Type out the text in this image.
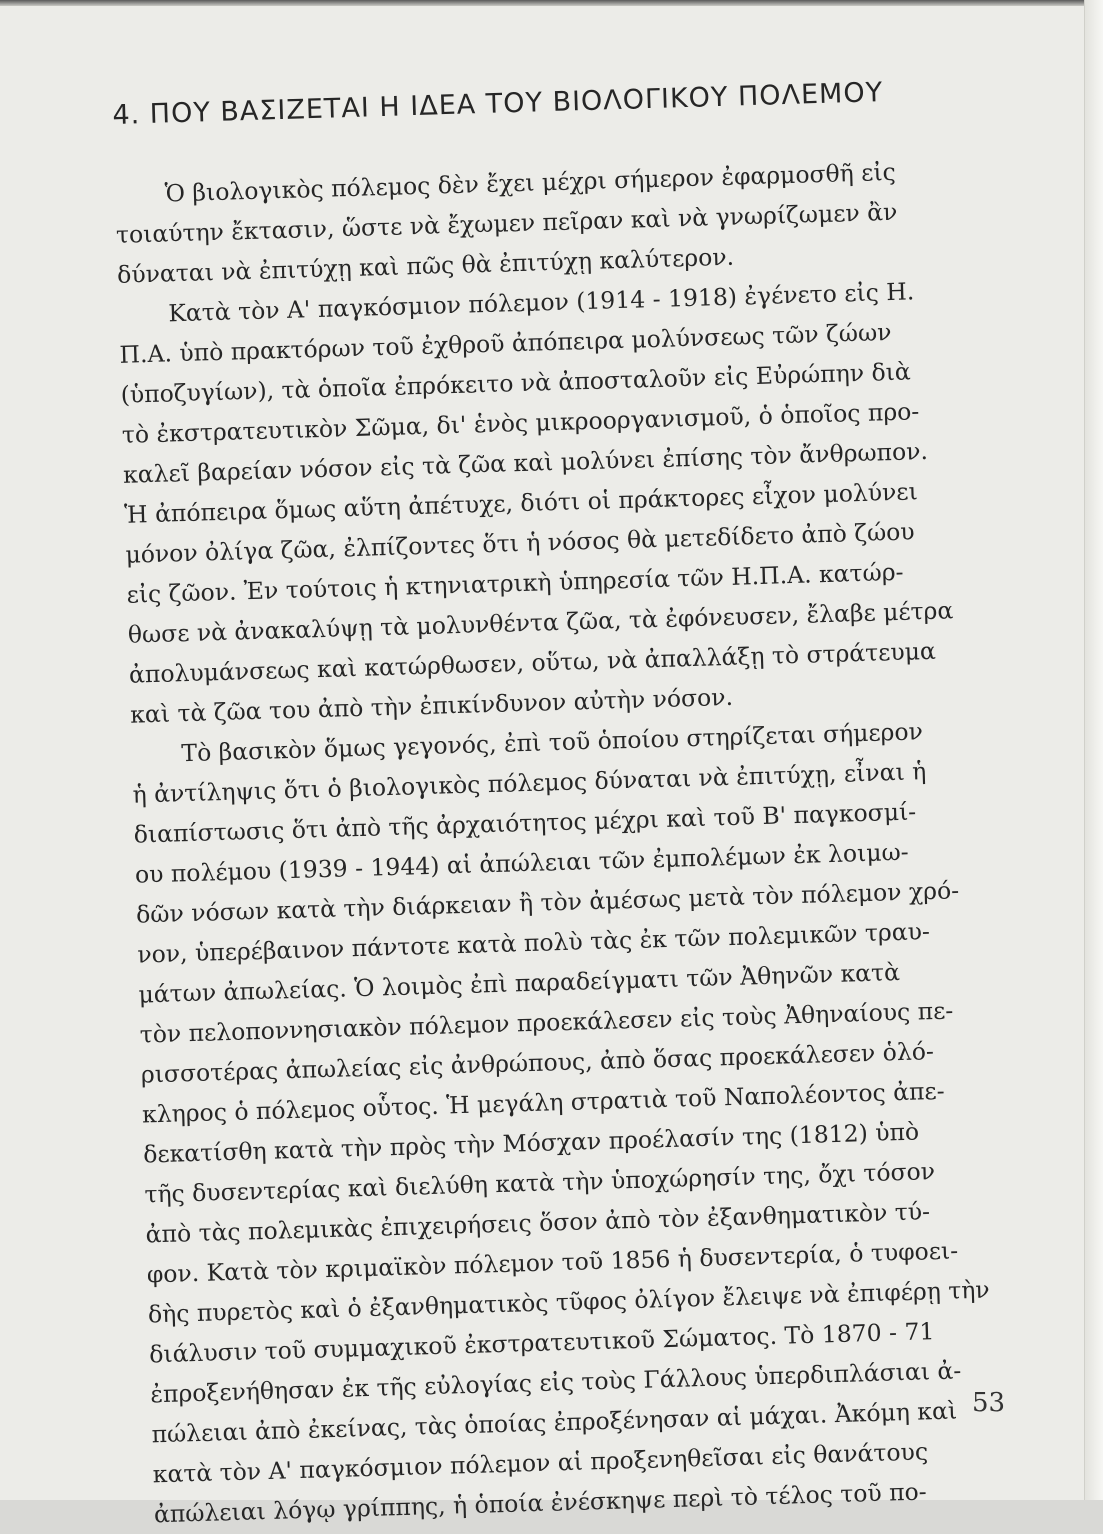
4. ΠΟΥ ΒΑΣΙΖΕΤΑΙ Η ΙΔΕΑ ΤΟΥ ΒΙΟΛΟΓΙΚΟΥ ΠΟΛΕΜΟΥ
Ὁ βιολογικὸς πόλεμος δὲν ἔχει μέχρι σήμερον ἐφαρμοσθῆ εἰς
τοιαύτην ἔκτασιν, ὥστε νὰ ἔχωμεν πεῖραν καὶ νὰ γνωρίζωμεν ἂν
δύναται νὰ ἐπιτύχῃ καὶ πῶς θὰ ἐπιτύχῃ καλύτερον.
Κατὰ τὸν Α' παγκόσμιον πόλεμον (1914 - 1918) ἐγένετο εἰς Η.
Π.Α. ὑπὸ πρακτόρων τοῦ ἐχθροῦ ἀπόπειρα μολύνσεως τῶν ζώων
(ὑποζυγίων), τὰ ὁποῖα ἐπρόκειτο νὰ ἀποσταλοῦν εἰς Εὐρώπην διὰ
τὸ ἐκστρατευτικὸν Σῶμα, δι' ἑνὸς μικροοργανισμοῦ, ὁ ὁποῖος προ-
καλεῖ βαρείαν νόσον εἰς τὰ ζῶα καὶ μολύνει ἐπίσης τὸν ἄνθρωπον.
Ἡ ἀπόπειρα ὅμως αὕτη ἀπέτυχε, διότι οἱ πράκτορες εἶχον μολύνει
μόνον ὀλίγα ζῶα, ἐλπίζοντες ὅτι ἡ νόσος θὰ μετεδίδετο ἀπὸ ζώου
εἰς ζῶον. Ἐν τούτοις ἡ κτηνιατρικὴ ὑπηρεσία τῶν Η.Π.Α. κατώρ-
θωσε νὰ ἀνακαλύψῃ τὰ μολυνθέντα ζῶα, τὰ ἐφόνευσεν, ἔλαβε μέτρα
ἀπολυμάνσεως καὶ κατώρθωσεν, οὕτω, νὰ ἀπαλλάξῃ τὸ στράτευμα
καὶ τὰ ζῶα του ἀπὸ τὴν ἐπικίνδυνον αὐτὴν νόσον.
Τὸ βασικὸν ὅμως γεγονός, ἐπὶ τοῦ ὁποίου στηρίζεται σήμερον
ἡ ἀντίληψις ὅτι ὁ βιολογικὸς πόλεμος δύναται νὰ ἐπιτύχῃ, εἶναι ἡ
διαπίστωσις ὅτι ἀπὸ τῆς ἀρχαιότητος μέχρι καὶ τοῦ Β' παγκοσμί-
ου πολέμου (1939 - 1944) αἱ ἀπώλειαι τῶν ἐμπολέμων ἐκ λοιμω-
δῶν νόσων κατὰ τὴν διάρκειαν ἢ τὸν ἀμέσως μετὰ τὸν πόλεμον χρό-
νον, ὑπερέβαινον πάντοτε κατὰ πολὺ τὰς ἐκ τῶν πολεμικῶν τραυ-
μάτων ἀπωλείας. Ὁ λοιμὸς ἐπὶ παραδείγματι τῶν Ἀθηνῶν κατὰ
τὸν πελοποννησιακὸν πόλεμον προεκάλεσεν εἰς τοὺς Ἀθηναίους πε-
ρισσοτέρας ἀπωλείας εἰς ἀνθρώπους, ἀπὸ ὅσας προεκάλεσεν ὁλό-
κληρος ὁ πόλεμος οὗτος. Ἡ μεγάλη στρατιὰ τοῦ Ναπολέοντος ἀπε-
δεκατίσθη κατὰ τὴν πρὸς τὴν Μόσχαν προέλασίν της (1812) ὑπὸ
τῆς δυσεντερίας καὶ διελύθη κατὰ τὴν ὑποχώρησίν της, ὄχι τόσον
ἀπὸ τὰς πολεμικὰς ἐπιχειρήσεις ὅσον ἀπὸ τὸν ἐξανθηματικὸν τύ-
φον. Κατὰ τὸν κριμαϊκὸν πόλεμον τοῦ 1856 ἡ δυσεντερία, ὁ τυφοει-
δὴς πυρετὸς καὶ ὁ ἐξανθηματικὸς τῦφος ὀλίγον ἔλειψε νὰ ἐπιφέρῃ τὴν
διάλυσιν τοῦ συμμαχικοῦ ἐκστρατευτικοῦ Σώματος. Τὸ 1870 - 71
ἐπροξενήθησαν ἐκ τῆς εὐλογίας εἰς τοὺς Γάλλους ὑπερδιπλάσιαι ἀ-
πώλειαι ἀπὸ ἐκείνας, τὰς ὁποίας ἐπροξένησαν αἱ μάχαι. Ἀκόμη καὶ
κατὰ τὸν Α' παγκόσμιον πόλεμον αἱ προξενηθεῖσαι εἰς θανάτους
ἀπώλειαι λόγῳ γρίππης, ἡ ὁποία ἐνέσκηψε περὶ τὸ τέλος τοῦ πο-
53
